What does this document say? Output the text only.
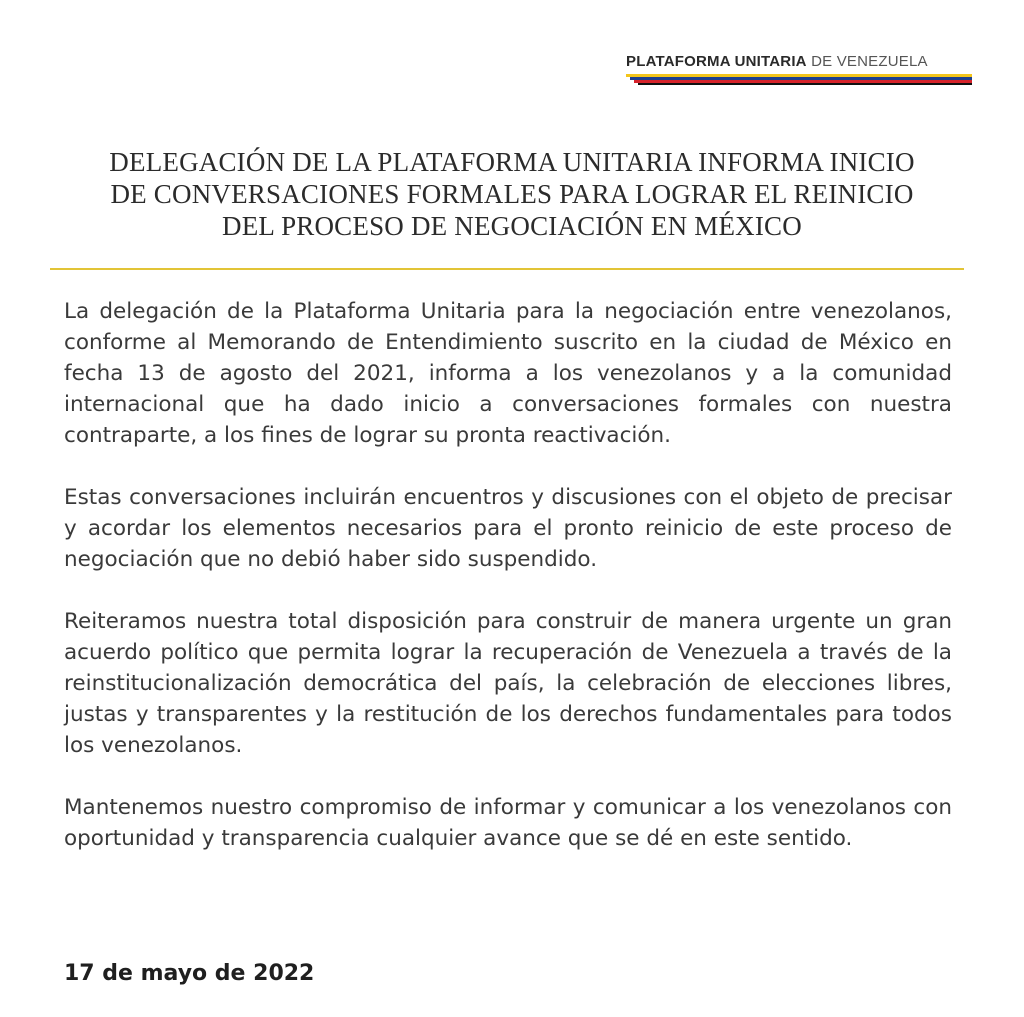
PLATAFORMA UNITARIA DE VENEZUELA
DELEGACIÓN DE LA PLATAFORMA UNITARIA INFORMA INICIO
DE CONVERSACIONES FORMALES PARA LOGRAR EL REINICIO
DEL PROCESO DE NEGOCIACIÓN EN MÉXICO

La delegación de la Plataforma Unitaria para la negociación entre venezolanos, conforme al Memorando de Entendimiento suscrito en la ciudad de México en fecha 13 de agosto del 2021, informa a los venezolanos y a la comunidad internacional que ha dado inicio a conversaciones formales con nuestra contraparte, a los fines de lograr su pronta reactivación.

Estas conversaciones incluirán encuentros y discusiones con el objeto de precisar y acordar los elementos necesarios para el pronto reinicio de este proceso de negociación que no debió haber sido suspendido.

Reiteramos nuestra total disposición para construir de manera urgente un gran acuerdo político que permita lograr la recuperación de Venezuela a través de la reinstitucionalización democrática del país, la celebración de elecciones libres, justas y transparentes y la restitución de los derechos fundamentales para todos los venezolanos.

Mantenemos nuestro compromiso de informar y comunicar a los venezolanos con oportunidad y transparencia cualquier avance que se dé en este sentido.

17 de mayo de 2022
